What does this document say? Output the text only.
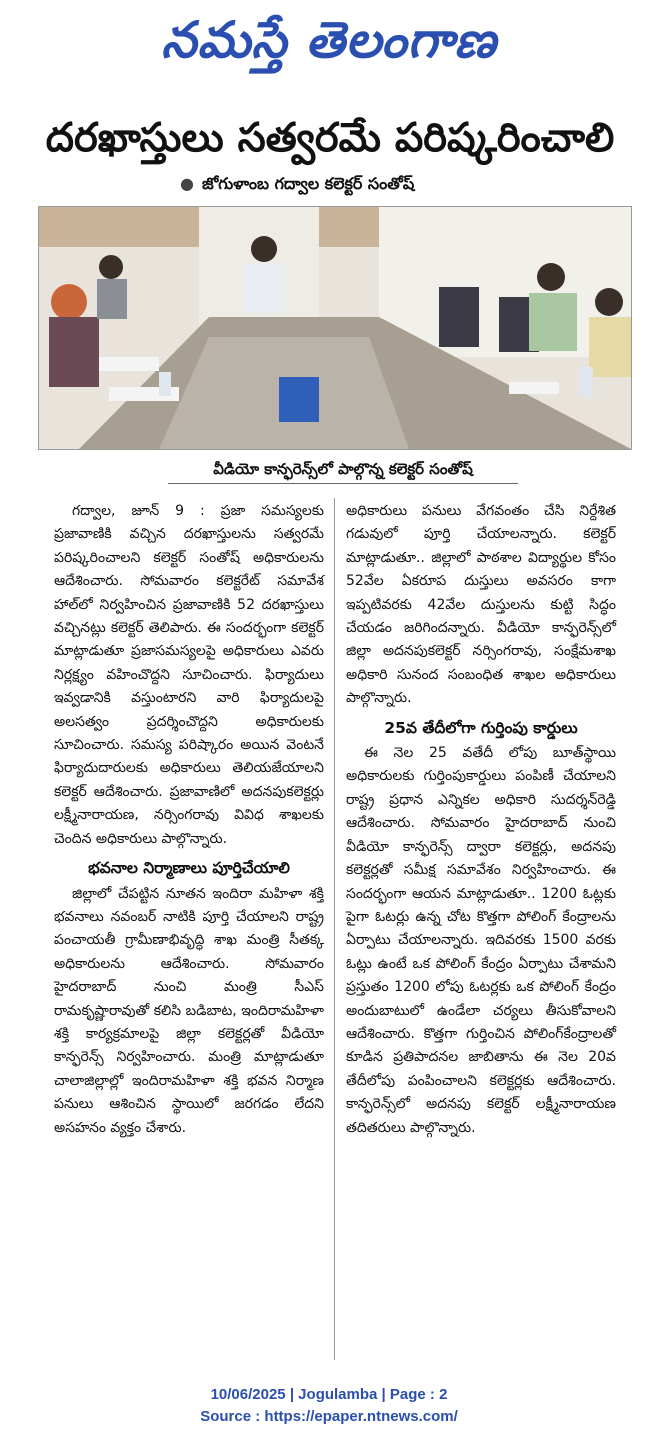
నమస్తే తెలంగాణ
దరఖాస్తులు సత్వరమే పరిష్కరించాలి
● జోగుళాంబ గద్వాల కలెక్టర్ సంతోష్
వీడియో కాన్ఫరెన్స్‌లో పాల్గొన్న కలెక్టర్ సంతోష్

గద్వాల, జూన్ 9 : ప్రజా సమస్యలకు ప్రజావాణికి వచ్చిన దరఖాస్తులను సత్వరమే పరిష్కరించాలని కలెక్టర్ సంతోష్ అధికారులను ఆదేశించారు. సోమవారం కలెక్టరేట్ సమావేశ హాల్‌లో నిర్వహించిన ప్రజావాణికి 52 దరఖాస్తులు వచ్చినట్లు కలెక్టర్ తెలిపారు. ఈ సందర్భంగా కలెక్టర్ మాట్లాడుతూ ప్రజాసమస్యలపై అధికారులు ఎవరు నిర్లక్ష్యం వహించొద్దని సూచించారు. ఫిర్యాదులు ఇవ్వడానికి వస్తుంటారని వారి ఫిర్యాదులపై అలసత్వం ప్రదర్శించొద్దని అధికారులకు సూచించారు. సమస్య పరిష్కారం అయిన వెంటనే ఫిర్యాదుదారులకు అధికారులు తెలియజేయాలని కలెక్టర్ ఆదేశించారు. ప్రజావాణిలో అదనపుకలెక్టర్లు లక్ష్మీనారాయణ, నర్సింగరావు వివిధ శాఖలకు చెందిన అధికారులు పాల్గొన్నారు.

భవనాల నిర్మాణాలు పూర్తిచేయాలి

జిల్లాలో చేపట్టిన నూతన ఇందిరా మహిళా శక్తి భవనాలు నవంబర్ నాటికి పూర్తి చేయాలని రాష్ట్ర పంచాయతీ గ్రామీణాభివృద్ధి శాఖ మంత్రి సీతక్క అధికారులను ఆదేశించారు. సోమవారం హైదరాబాద్ నుంచి మంత్రి సీఎస్ రామకృష్ణారావుతో కలిసి బడిబాట, ఇందిరామహిళా శక్తి కార్యక్రమాలపై జిల్లా కలెక్టర్లతో వీడియో కాన్ఫరెన్స్ నిర్వహించారు. మంత్రి మాట్లాడుతూ చాలాజిల్లాల్లో ఇందిరామహిళా శక్తి భవన నిర్మాణ పనులు ఆశించిన స్థాయిలో జరగడం లేదని అసహనం వ్యక్తం చేశారు.

అధికారులు పనులు వేగవంతం చేసి నిర్దేశిత గడువులో పూర్తి చేయాలన్నారు. కలెక్టర్ మాట్లాడుతూ.. జిల్లాలో పాఠశాల విద్యార్థుల కోసం 52వేల ఏకరూప దుస్తులు అవసరం కాగా ఇప్పటివరకు 42వేల దుస్తులను కుట్టి సిద్ధం చేయడం జరిగిందన్నారు. వీడియో కాన్ఫరెన్స్‌లో జిల్లా అదనపుకలెక్టర్ నర్సింగరావు, సంక్షేమశాఖ అధికారి సునంద సంబంధిత శాఖల అధికారులు పాల్గొన్నారు.

25వ తేదీలోగా గుర్తింపు కార్డులు

ఈ నెల 25 వతేదీ లోపు బూత్‌స్థాయి అధికారులకు గుర్తింపుకార్డులు పంపిణీ చేయాలని రాష్ట్ర ప్రధాన ఎన్నికల అధికారి సుదర్శన్‌రెడ్డి ఆదేశించారు. సోమవారం హైదరాబాద్ నుంచి వీడియో కాన్ఫరెన్స్ ద్వారా కలెక్టర్లు, అదనపు కలెక్టర్లతో సమీక్ష సమావేశం నిర్వహించారు. ఈ సందర్భంగా ఆయన మాట్లాడుతూ.. 1200 ఓట్లకు పైగా ఓటర్లు ఉన్న చోట కొత్తగా పోలింగ్ కేంద్రాలను ఏర్పాటు చేయాలన్నారు. ఇదివరకు 1500 వరకు ఓట్లు ఉంటే ఒక పోలింగ్ కేంద్రం ఏర్పాటు చేశామని ప్రస్తుతం 1200 లోపు ఓటర్లకు ఒక పోలింగ్ కేంద్రం అందుబాటులో ఉండేలా చర్యలు తీసుకోవాలని ఆదేశించారు. కొత్తగా గుర్తించిన పోలింగ్‌కేంద్రాలతో కూడిన ప్రతిపాదనల జాబితాను ఈ నెల 20వ తేదీలోపు పంపించాలని కలెక్టర్లకు ఆదేశించారు. కాన్ఫరెన్స్‌లో అదనపు కలెక్టర్ లక్ష్మీనారాయణ తదితరులు పాల్గొన్నారు.

10/06/2025 | Jogulamba | Page : 2
Source : https://epaper.ntnews.com/
